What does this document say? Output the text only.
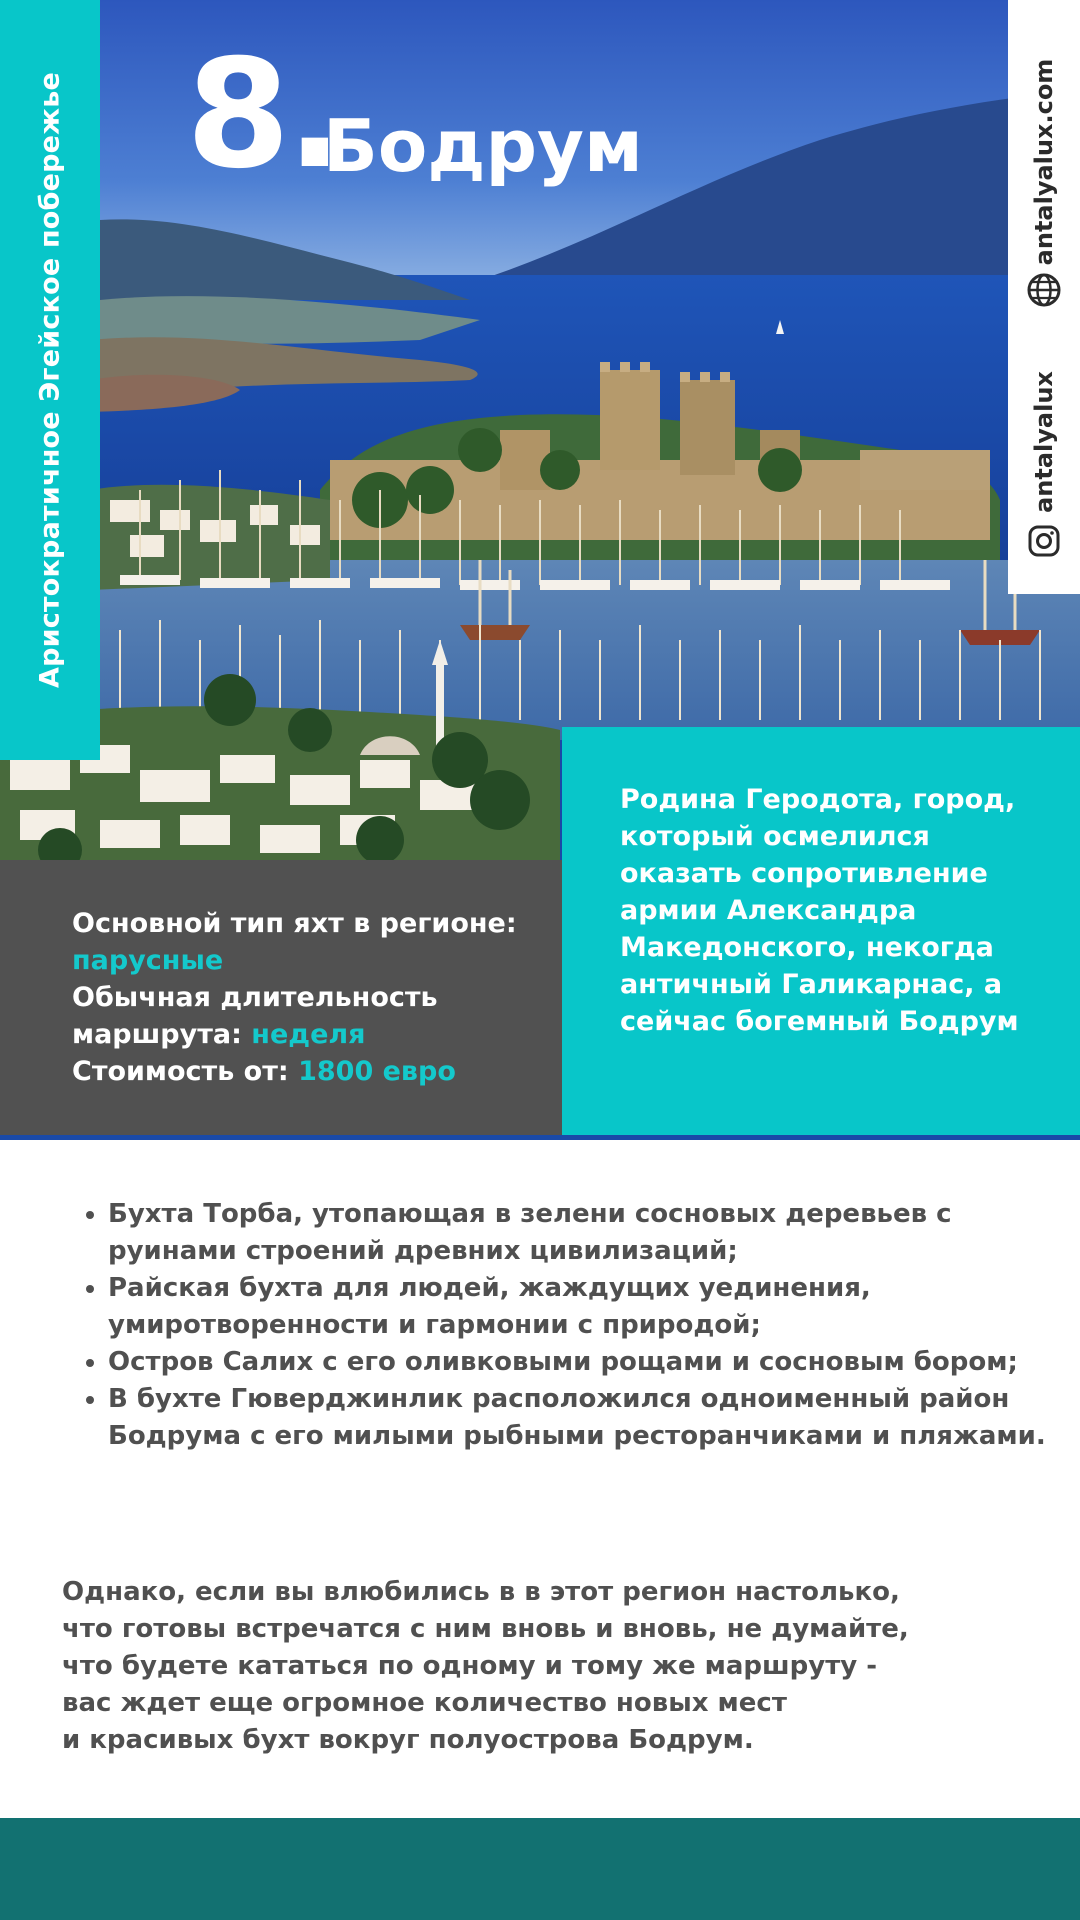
Аристократичное Эгейское побережье	antalyalux.com
antalyalux
8.
Бодрум
Основной тип яхт в регионе: парусные
Обычная длительность маршрута: неделя
Стоимость от: 1800 евро
Родина Геродота, город, который осмелился оказать сопротивление армии Александра Македонского, некогда античный Галикарнас, а сейчас богемный Бодрум
• Бухта Торба, утопающая в зелени сосновых деревьев с руинами строений древних цивилизаций;
• Райская бухта для людей, жаждущих уединения, умиротворенности и гармонии с природой;
• Остров Салих с его оливковыми рощами и сосновым бором;
• В бухте Гюверджинлик расположился одноименный район Бодрума с его милыми рыбными ресторанчиками и пляжами.

Однако, если вы влюбились в в этот регион настолько,
что готовы встречатся с ним вновь и вновь, не думайте,
что будете кататься по одному и тому же маршруту -
вас ждет еще огромное количество новых мест
и красивых бухт вокруг полуострова Бодрум.
